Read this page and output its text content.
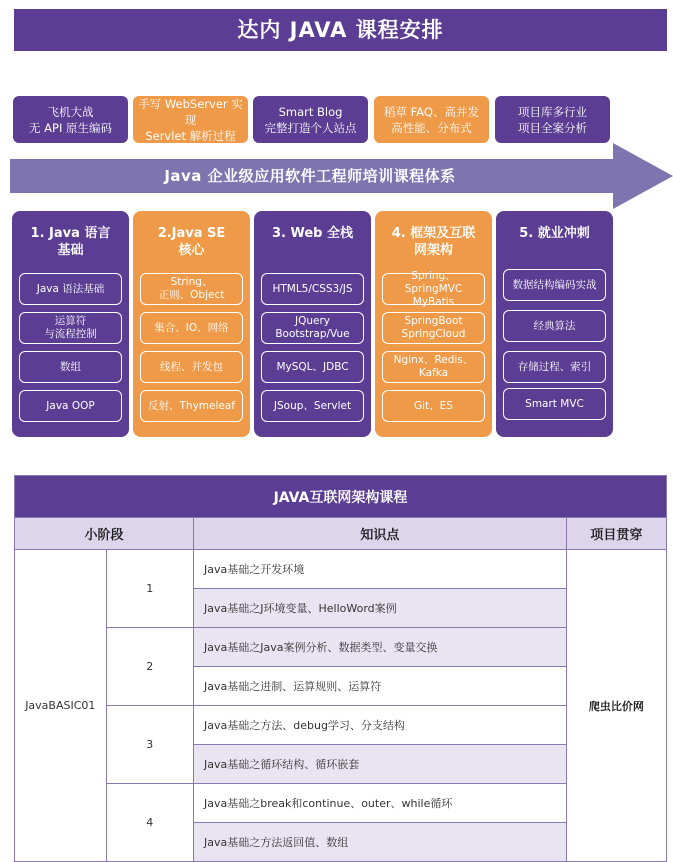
达内 JAVA 课程安排
飞机大战
无 API 原生编码
手写 WebServer 实现
Servlet 解析过程
Smart Blog
完整打造个人站点
稻草 FAQ、高并发
高性能、分布式
项目库多行业
项目全案分析
Java 企业级应用软件工程师培训课程体系
1. Java 语言
基础
Java 语法基础
运算符
与流程控制
数组
Java OOP
2.Java SE
核心
String、
正则、Object
集合、IO、网络
线程、并发包
反射、Thymeleaf
3. Web 全栈
HTML5/CSS3/JS
JQuery
Bootstrap/Vue
MySQL、JDBC
JSoup、Servlet
4. 框架及互联
网架构
Spring、SpringMVC
MyBatis
SpringBoot
SpringCloud
Nginx、Redis、
Kafka
Git、ES
5. 就业冲刺
数据结构编码实战
经典算法
存储过程、索引
Smart MVC
JAVA互联网架构课程			
小阶段		知识点	项目贯穿
JavaBASIC01	1	Java基础之开发环境	爬虫比价网
		Java基础之J环境变量、HelloWord案例	
	2	Java基础之Java案例分析、数据类型、变量交换	
		Java基础之进制、运算规则、运算符	
	3	Java基础之方法、debug学习、分支结构	
		Java基础之循环结构、循环嵌套	
	4	Java基础之break和continue、outer、while循环	
		Java基础之方法返回值、数组	
